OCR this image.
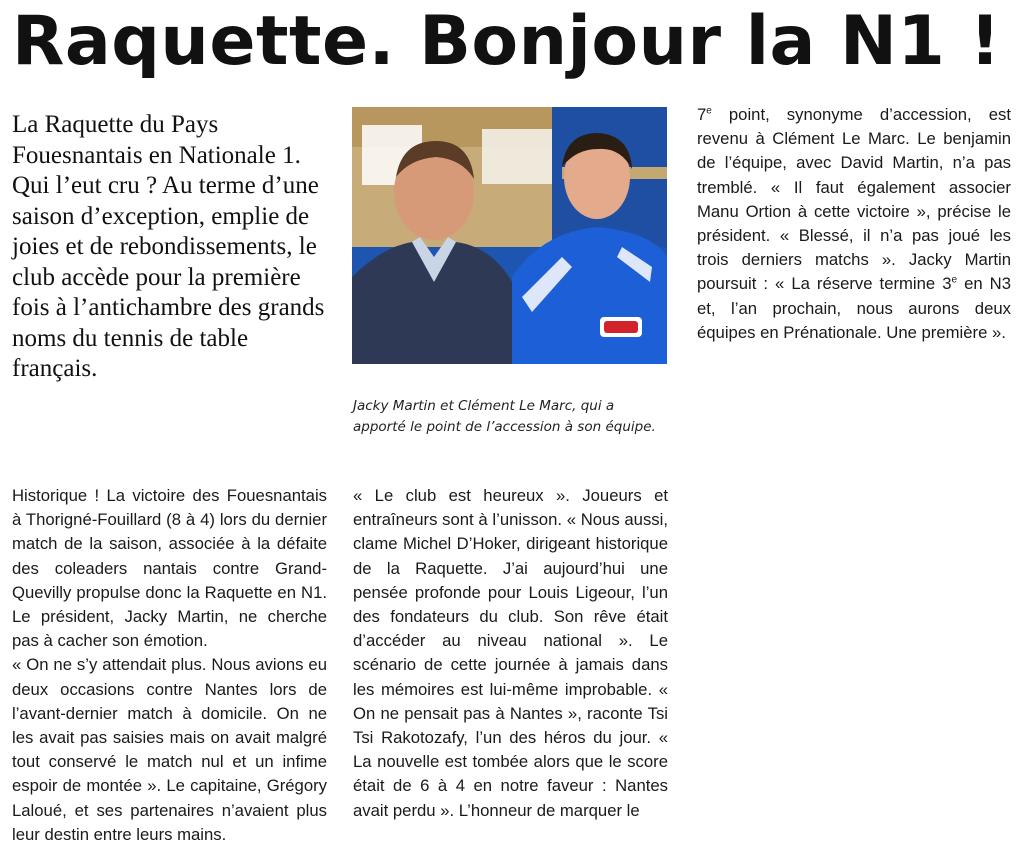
Raquette. Bonjour la N1 !

La Raquette du Pays Fouesnantais en Nationale 1. Qui l’eut cru ? Au terme d’une saison d’exception, emplie de joies et de rebondissements, le club accède pour la première fois à l’antichambre des grands noms du tennis de table français.

Jacky Martin et Clément Le Marc, qui a apporté le point de l’accession à son équipe.

Historique ! La victoire des Fouesnantais à Thorigné-Fouillard (8 à 4) lors du dernier match de la saison, associée à la défaite des coleaders nantais contre Grand-Quevilly propulse donc la Raquette en N1. Le président, Jacky Martin, ne cherche pas à cacher son émotion.

« On ne s’y attendait plus. Nous avions eu deux occasions contre Nantes lors de l’avant-dernier match à domicile. On ne les avait pas saisies mais on avait malgré tout conservé le match nul et un infime espoir de montée ». Le capitaine, Grégory Laloué, et ses partenaires n’avaient plus leur destin entre leurs mains.

« Le club est heureux ». Joueurs et entraîneurs sont à l’unisson. « Nous aussi, clame Michel D’Hoker, dirigeant historique de la Raquette. J’ai aujourd’hui une pensée profonde pour Louis Ligeour, l’un des fondateurs du club. Son rêve était d’accéder au niveau national ». Le scénario de cette journée à jamais dans les mémoires est lui-même improbable. « On ne pensait pas à Nantes », raconte Tsi Tsi Rakotozafy, l’un des héros du jour. « La nouvelle est tombée alors que le score était de 6 à 4 en notre faveur : Nantes avait perdu ». L’honneur de marquer le

7e point, synonyme d’accession, est revenu à Clément Le Marc. Le benjamin de l’équipe, avec David Martin, n’a pas tremblé. « Il faut également associer Manu Ortion à cette victoire », précise le président. « Blessé, il n’a pas joué les trois derniers matchs ». Jacky Martin poursuit : « La réserve termine 3e en N3 et, l’an prochain, nous aurons deux équipes en Prénationale. Une première ».
